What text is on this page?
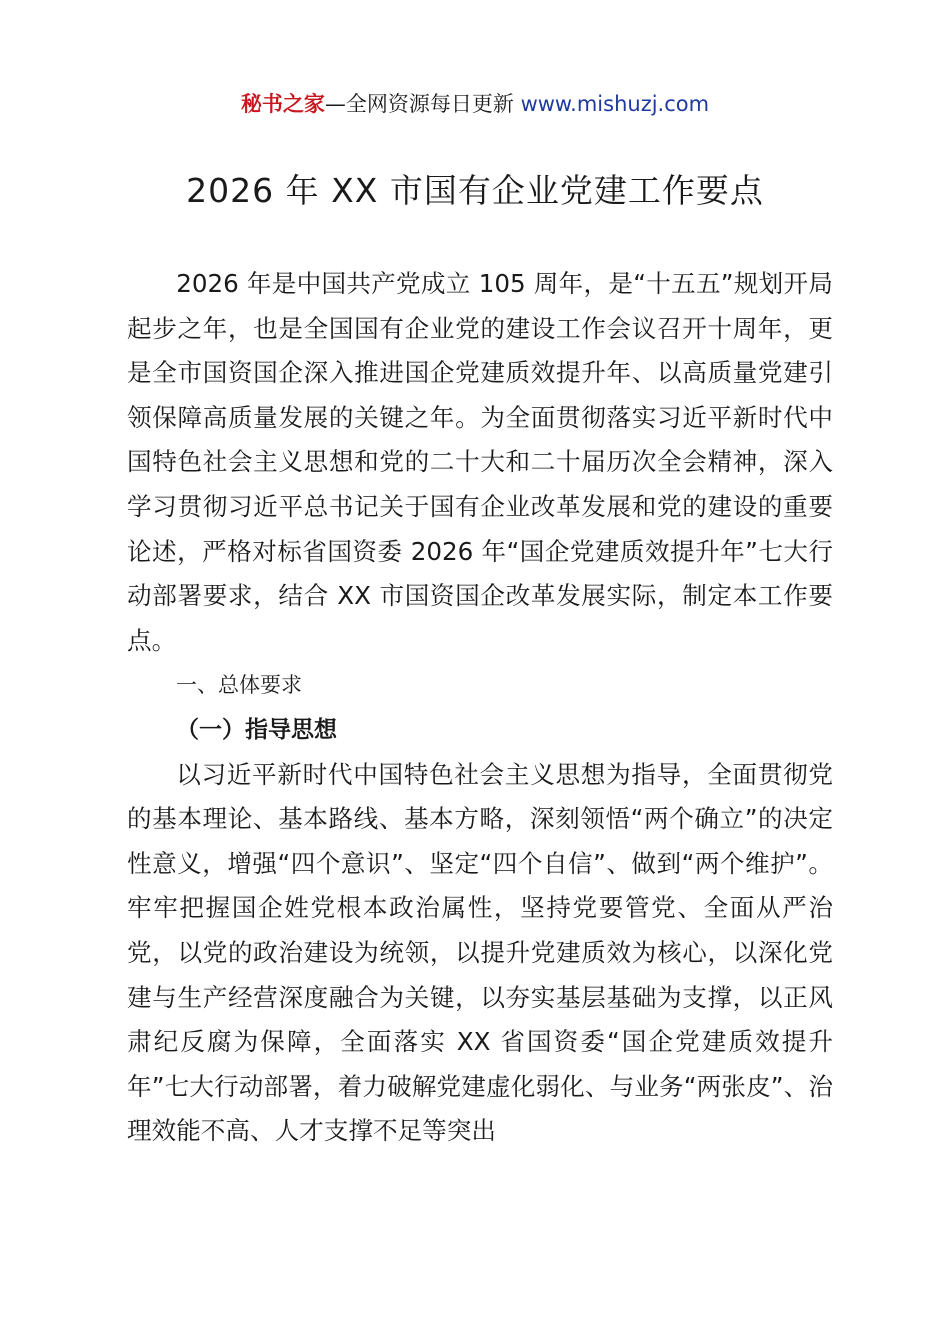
秘书之家—全网资源每日更新 www.mishuzj.com
2026 年 XX 市国有企业党建工作要点

2026 年是中国共产党成立 105 周年，是“十五五”规划开局起步之年，也是全国国有企业党的建设工作会议召开十周年，更是全市国资国企深入推进国企党建质效提升年、以高质量党建引领保障高质量发展的关键之年。为全面贯彻落实习近平新时代中国特色社会主义思想和党的二十大和二十届历次全会精神，深入学习贯彻习近平总书记关于国有企业改革发展和党的建设的重要论述，严格对标省国资委 2026 年“国企党建质效提升年”七大行动部署要求，结合 XX 市国资国企改革发展实际，制定本工作要点。

一、总体要求
（一）指导思想

以习近平新时代中国特色社会主义思想为指导，全面贯彻党的基本理论、基本路线、基本方略，深刻领悟“两个确立”的决定性意义，增强“四个意识”、坚定“四个自信”、做到“两个维护”。牢牢把握国企姓党根本政治属性，坚持党要管党、全面从严治党，以党的政治建设为统领，以提升党建质效为核心，以深化党建与生产经营深度融合为关键，以夯实基层基础为支撑，以正风肃纪反腐为保障，全面落实 XX 省国资委“国企党建质效提升年”七大行动部署，着力破解党建虚化弱化、与业务“两张皮”、治理效能不高、人才支撑不足等突出
